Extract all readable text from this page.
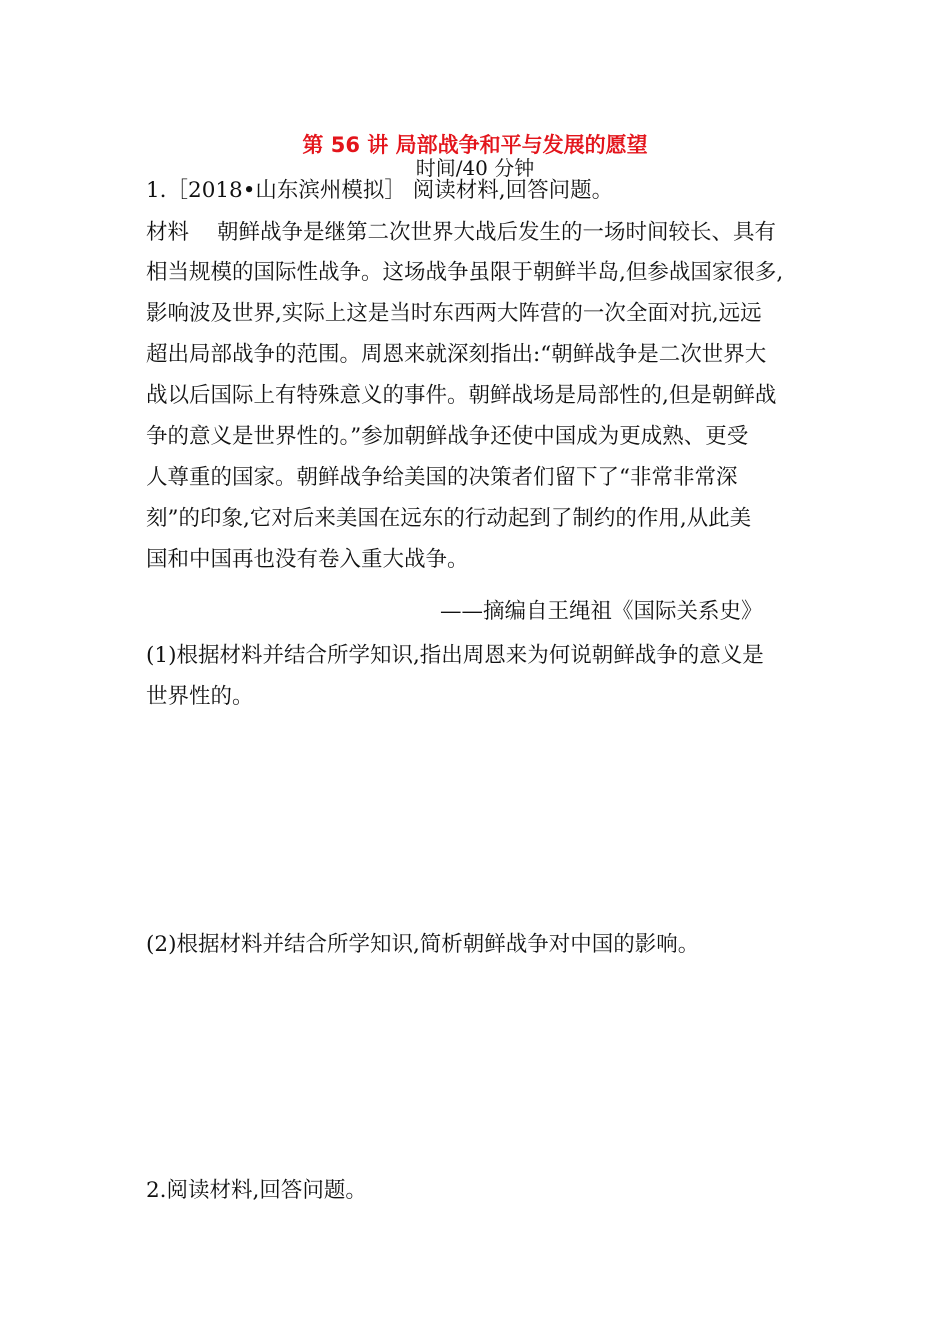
第 56 讲 局部战争和平与发展的愿望
时间/40 分钟
1.［2018•山东滨州模拟］ 阅读材料,回答问题。
材料 朝鲜战争是继第二次世界大战后发生的一场时间较长、具有
相当规模的国际性战争。这场战争虽限于朝鲜半岛,但参战国家很多,
影响波及世界,实际上这是当时东西两大阵营的一次全面对抗,远远
超出局部战争的范围。周恩来就深刻指出:“朝鲜战争是二次世界大
战以后国际上有特殊意义的事件。朝鲜战场是局部性的,但是朝鲜战
争的意义是世界性的。”参加朝鲜战争还使中国成为更成熟、更受
人尊重的国家。朝鲜战争给美国的决策者们留下了“非常非常深
刻”的印象,它对后来美国在远东的行动起到了制约的作用,从此美
国和中国再也没有卷入重大战争。
——摘编自王绳祖《国际关系史》
(1)根据材料并结合所学知识,指出周恩来为何说朝鲜战争的意义是
世界性的。
(2)根据材料并结合所学知识,简析朝鲜战争对中国的影响。
2.阅读材料,回答问题。
